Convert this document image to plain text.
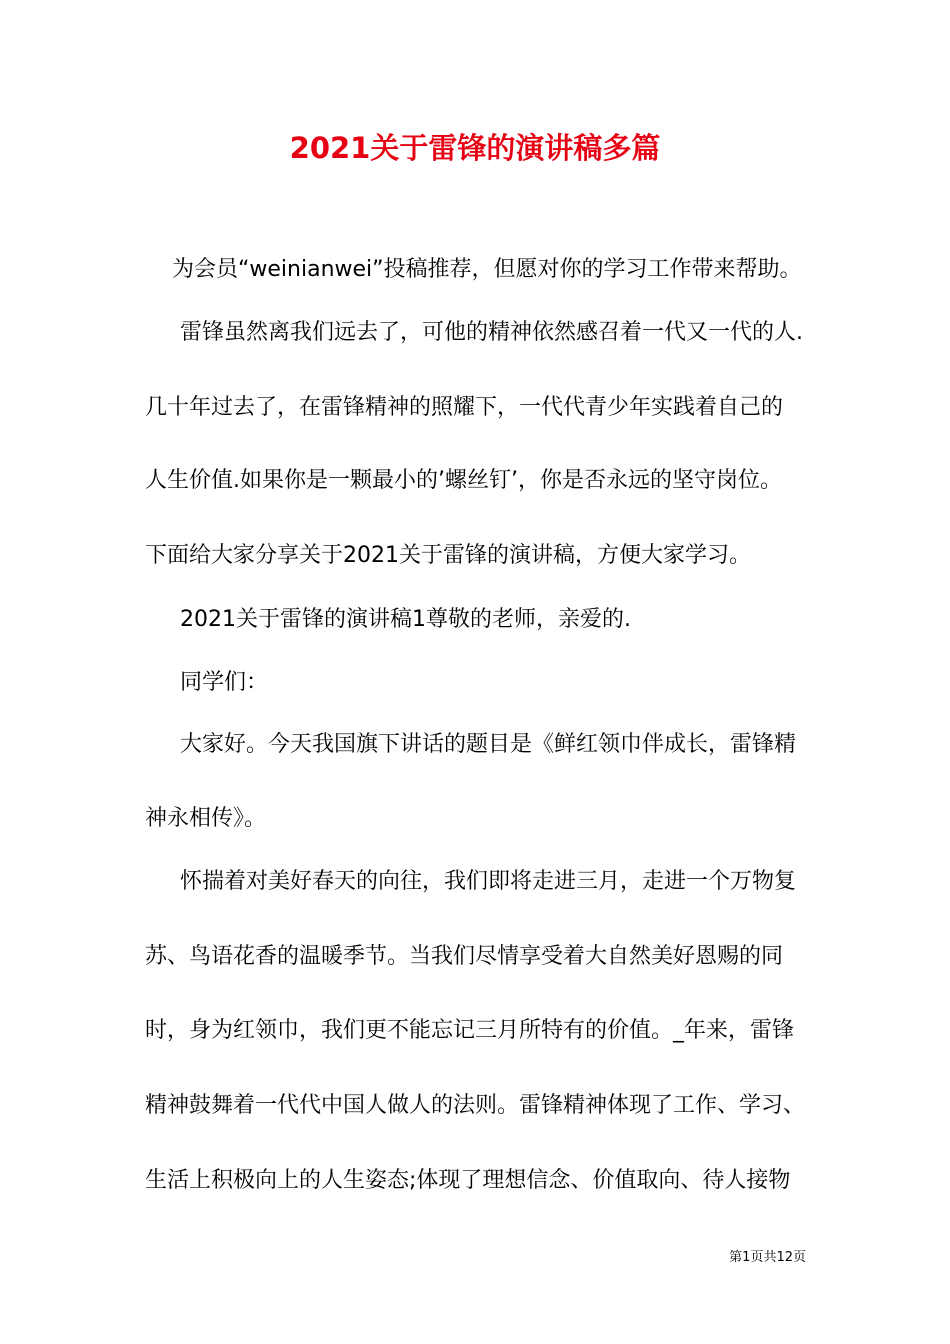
2021关于雷锋的演讲稿多篇
为会员“weinianwei”投稿推荐，但愿对你的学习工作带来帮助。
雷锋虽然离我们远去了，可他的精神依然感召着一代又一代的人.
几十年过去了，在雷锋精神的照耀下，一代代青少年实践着自己的
人生价值.如果你是一颗最小的’螺丝钉’，你是否永远的坚守岗位。
下面给大家分享关于2021关于雷锋的演讲稿，方便大家学习。
2021关于雷锋的演讲稿1尊敬的老师，亲爱的.
同学们：
大家好。今天我国旗下讲话的题目是《鲜红领巾伴成长，雷锋精
神永相传》。
怀揣着对美好春天的向往，我们即将走进三月，走进一个万物复
苏、鸟语花香的温暖季节。当我们尽情享受着大自然美好恩赐的同
时，身为红领巾，我们更不能忘记三月所特有的价值。_年来，雷锋
精神鼓舞着一代代中国人做人的法则。雷锋精神体现了工作、学习、
生活上积极向上的人生姿态;体现了理想信念、价值取向、待人接物
第1页共12页
